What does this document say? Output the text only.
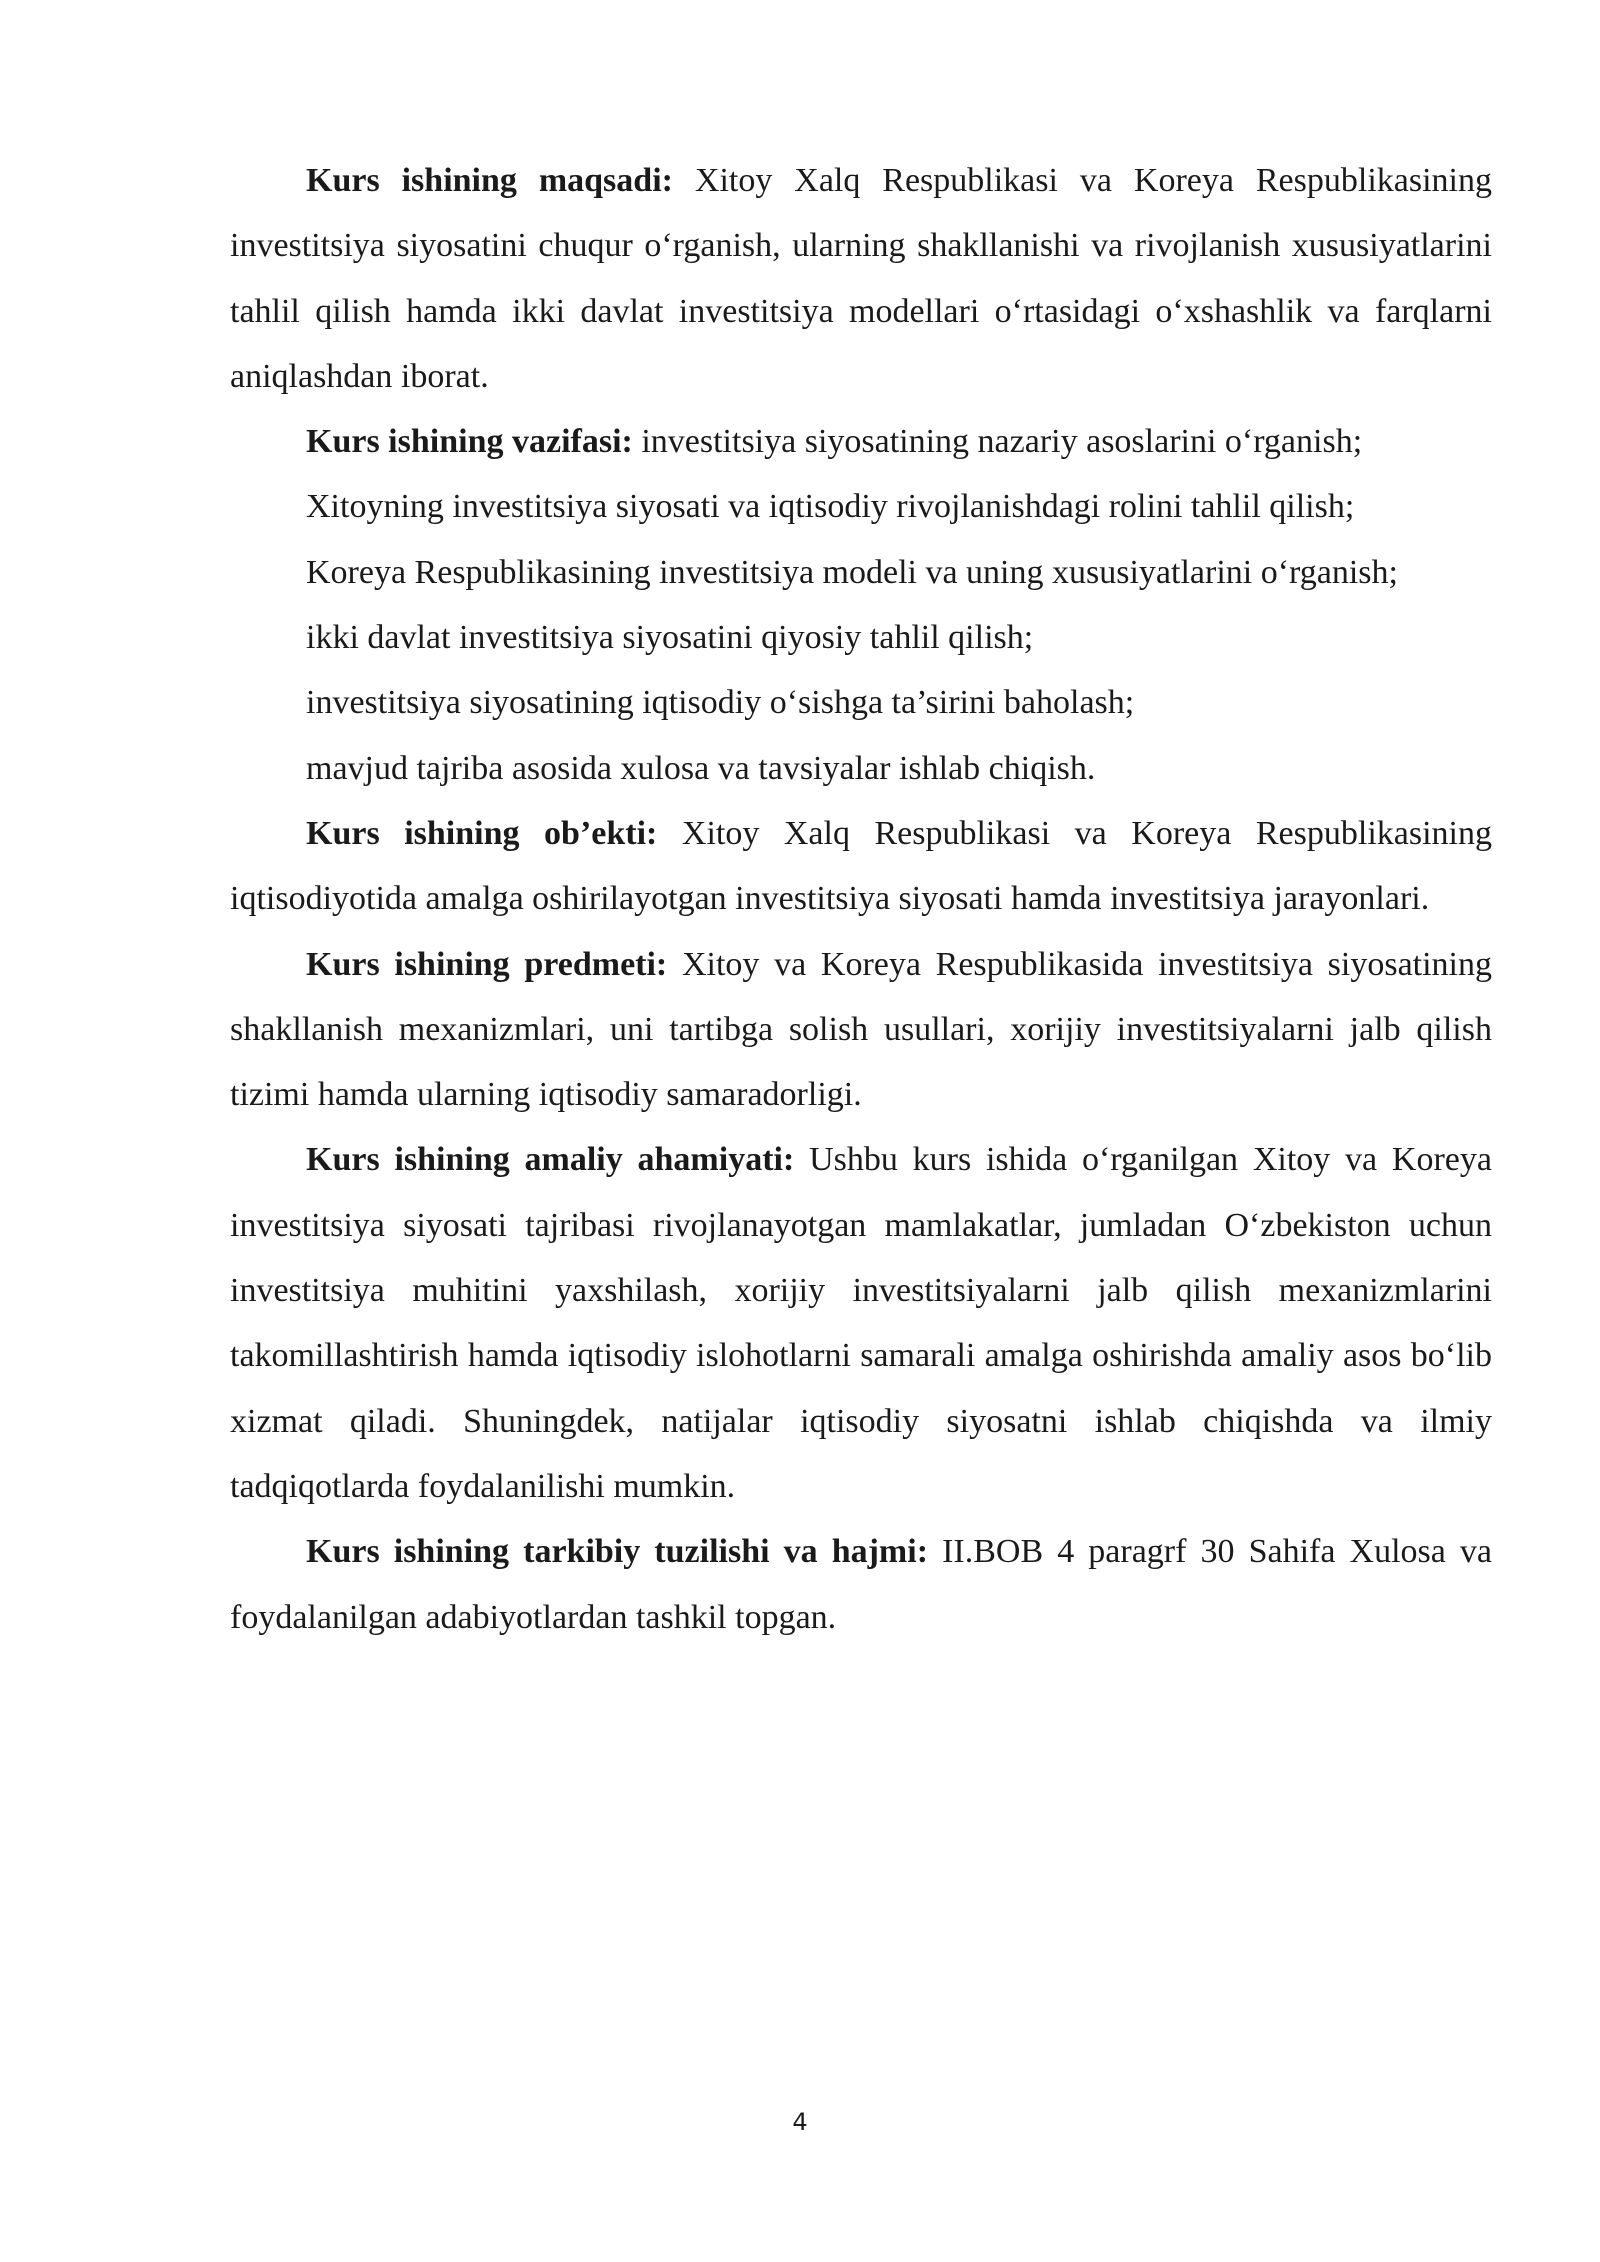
Kurs ishining maqsadi: Xitoy Xalq Respublikasi va Koreya Respublikasining investitsiya siyosatini chuqur o‘rganish, ularning shakllanishi va rivojlanish xususiyatlarini tahlil qilish hamda ikki davlat investitsiya modellari o‘rtasidagi o‘xshashlik va farqlarni aniqlashdan iborat.

Kurs ishining vazifasi: investitsiya siyosatining nazariy asoslarini o‘rganish;

Xitoyning investitsiya siyosati va iqtisodiy rivojlanishdagi rolini tahlil qilish;

Koreya Respublikasining investitsiya modeli va uning xususiyatlarini o‘rganish;

ikki davlat investitsiya siyosatini qiyosiy tahlil qilish;

investitsiya siyosatining iqtisodiy o‘sishga ta’sirini baholash;

mavjud tajriba asosida xulosa va tavsiyalar ishlab chiqish.

Kurs ishining ob’ekti: Xitoy Xalq Respublikasi va Koreya Respublikasining iqtisodiyotida amalga oshirilayotgan investitsiya siyosati hamda investitsiya jarayonlari.

Kurs ishining predmeti: Xitoy va Koreya Respublikasida investitsiya siyosatining shakllanish mexanizmlari, uni tartibga solish usullari, xorijiy investitsiyalarni jalb qilish tizimi hamda ularning iqtisodiy samaradorligi.

Kurs ishining amaliy ahamiyati: Ushbu kurs ishida o‘rganilgan Xitoy va Koreya investitsiya siyosati tajribasi rivojlanayotgan mamlakatlar, jumladan O‘zbekiston uchun investitsiya muhitini yaxshilash, xorijiy investitsiyalarni jalb qilish mexanizmlarini takomillashtirish hamda iqtisodiy islohotlarni samarali amalga oshirishda amaliy asos bo‘lib xizmat qiladi. Shuningdek, natijalar iqtisodiy siyosatni ishlab chiqishda va ilmiy tadqiqotlarda foydalanilishi mumkin.

Kurs ishining tarkibiy tuzilishi va hajmi: II.BOB 4 paragrf 30 Sahifa Xulosa va foydalanilgan adabiyotlardan tashkil topgan.

4
